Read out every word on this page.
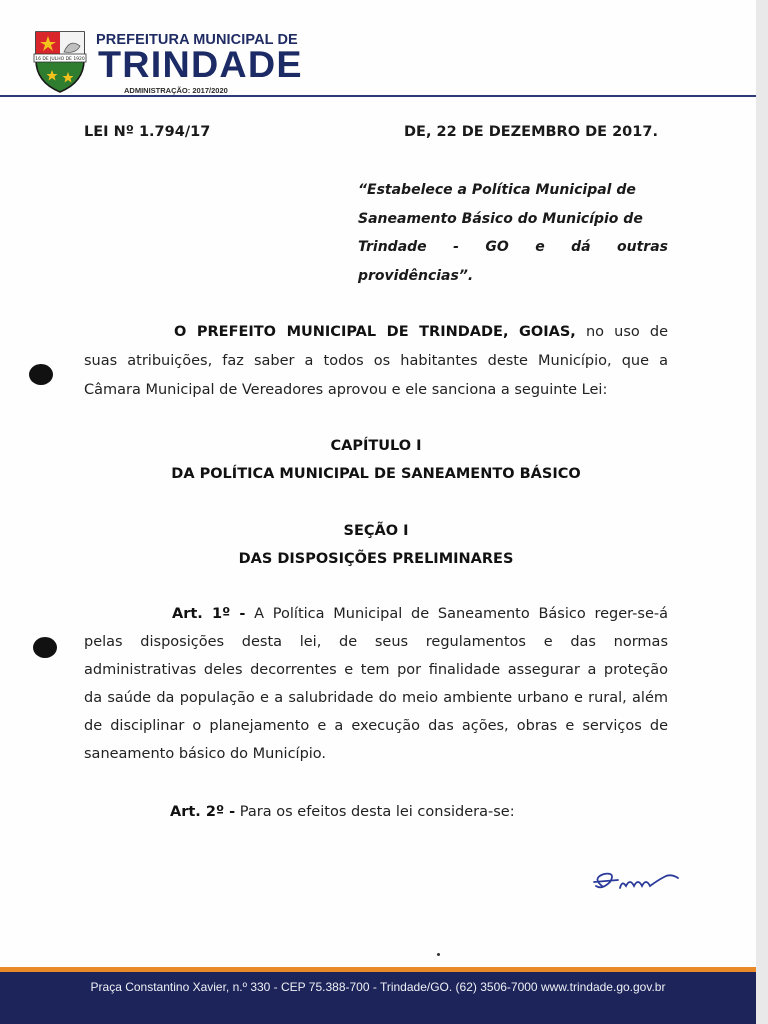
16 DE JULHO DE 1920
PREFEITURA MUNICIPAL DE
TRINDADE
ADMINISTRAÇÃO: 2017/2020
LEI Nº 1.794/17	DE, 22 DE DEZEMBRO DE 2017.
“Estabelece a Política Municipal de
Saneamento Básico do Município de
Trindade - GO e dá outras
providências”.
O PREFEITO MUNICIPAL DE TRINDADE, GOIAS, no uso de
suas atribuições, faz saber a todos os habitantes deste Município, que a
Câmara Municipal de Vereadores aprovou e ele sanciona a seguinte Lei:
CAPÍTULO I
DA POLÍTICA MUNICIPAL DE SANEAMENTO BÁSICO
SEÇÃO I
DAS DISPOSIÇÕES PRELIMINARES
Art. 1º - A Política Municipal de Saneamento Básico reger-se-á
pelas disposições desta lei, de seus regulamentos e das normas
administrativas deles decorrentes e tem por finalidade assegurar a proteção
da saúde da população e a salubridade do meio ambiente urbano e rural, além
de disciplinar o planejamento e a execução das ações, obras e serviços de
saneamento básico do Município.
Art. 2º - Para os efeitos desta lei considera-se:
Praça Constantino Xavier, n.º 330 - CEP 75.388-700 - Trindade/GO. (62) 3506-7000 www.trindade.go.gov.br
